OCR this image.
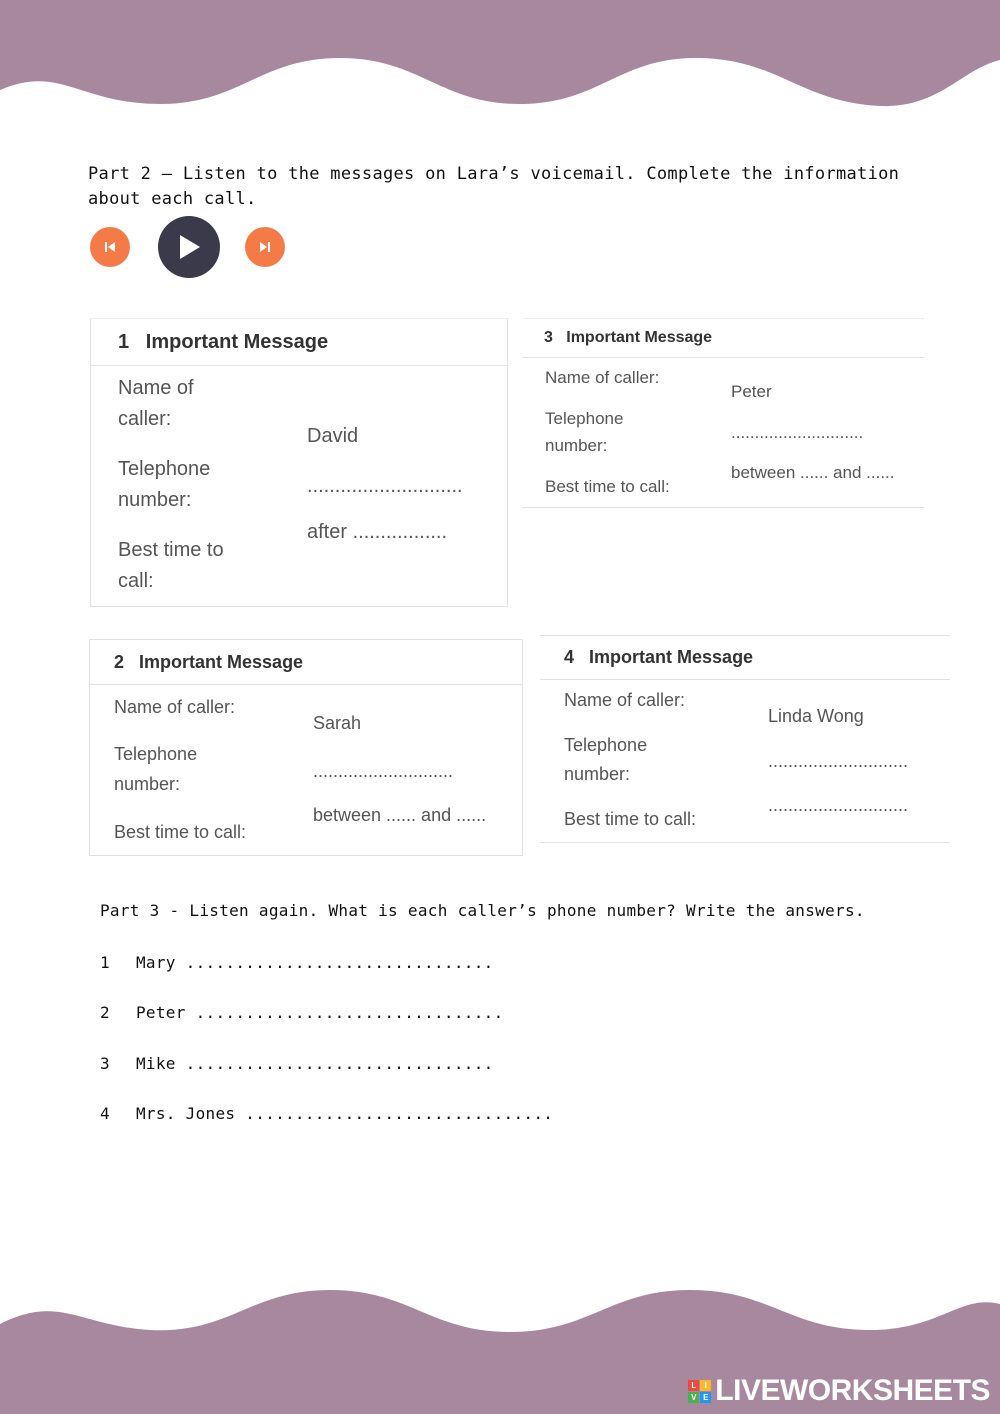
Part 2 – Listen to the messages on Lara’s voicemail. Complete the information
about each call.
1 Important Message
Name of
caller:
Telephone
number:
Best time to
call:
David
............................
after .................
3 Important Message
Name of caller:
Telephone
number:
Best time to call:
Peter
............................
between ...... and ......
2 Important Message
Name of caller:
Telephone
number:
Best time to call:
Sarah
............................
between ...... and ......
4 Important Message
Name of caller:
Telephone
number:
Best time to call:
Linda Wong
............................
............................
Part 3 - Listen again. What is each caller’s phone number? Write the answers.
1 Mary ...............................
2 Peter ...............................
3 Mike ...............................
4 Mrs. Jones ...............................
L	I
V E LIVEWORKSHEETS
